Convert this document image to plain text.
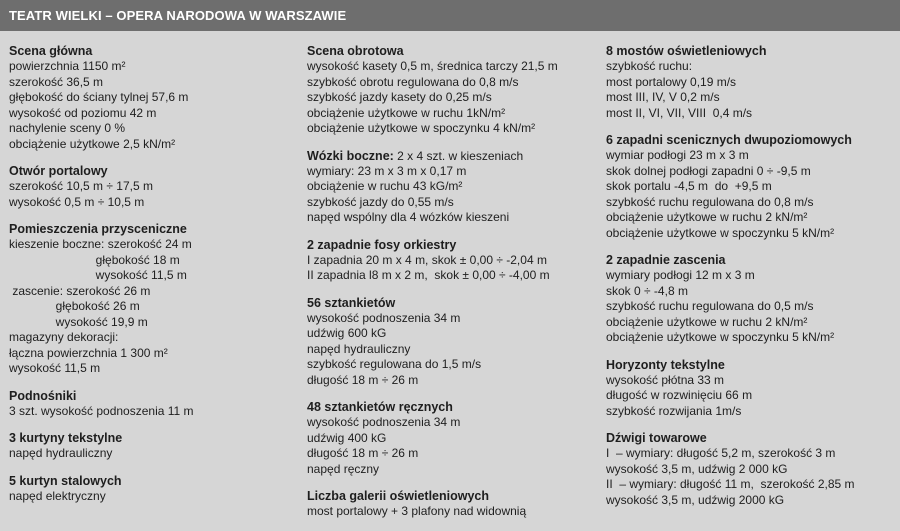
TEATR WIELKI – OPERA NARODOWA W WARSZAWIE
Scena główna
powierzchnia 1150 m²
szerokość 36,5 m
głębokość do ściany tylnej 57,6 m
wysokość od poziomu 42 m
nachylenie sceny 0 %
obciążenie użytkowe 2,5 kN/m²
Otwór portalowy
szerokość 10,5 m ÷ 17,5 m
wysokość 0,5 m ÷ 10,5 m
Pomieszczenia przyscenicznе
kieszenie boczne: szerokość 24 m
głębokość 18 m
wysokość 11,5 m
zascenie: szerokość 26 m
głębokość 26 m
wysokość 19,9 m
magazyny dekoracji:
łączna powierzchnia 1 300 m²
wysokość 11,5 m
Podnośniki
3 szt. wysokość podnoszenia 11 m
3 kurtyny tekstylne
napęd hydrauliczny
5 kurtyn stalowych
napęd elektryczny
Scena obrotowa
wysokość kasety 0,5 m, średnica tarczy 21,5 m
szybkość obrotu regulowana do 0,8 m/s
szybkość jazdy kasety do 0,25 m/s
obciążenie użytkowe w ruchu 1kN/m²
obciążenie użytkowe w spoczynku 4 kN/m²
Wózki boczne: 2 x 4 szt. w kieszeniach
wymiary: 23 m x 3 m x 0,17 m
obciążenie w ruchu 43 kG/m²
szybkość jazdy do 0,55 m/s
napęd wspólny dla 4 wózków kieszeni
2 zapadnie fosy orkiestry
I zapadnia 20 m x 4 m, skok ± 0,00 ÷ -2,04 m
II zapadnia l8 m x 2 m,  skok ± 0,00 ÷ -4,00 m
56 sztankietów
wysokość podnoszenia 34 m
udźwig 600 kG
napęd hydrauliczny
szybkość regulowana do 1,5 m/s
długość 18 m ÷ 26 m
48 sztankietów ręcznych
wysokość podnoszenia 34 m
udźwig 400 kG
długość 18 m ÷ 26 m
napęd ręczny
Liczba galerii oświetleniowych
most portalowy + 3 plafony nad widownią
8 mostów oświetleniowych
szybkość ruchu:
most portalowy 0,19 m/s
most III, IV, V 0,2 m/s
most II, VI, VII, VIII  0,4 m/s
6 zapadni scenicznych dwupoziomowych
wymiar podłogi 23 m x 3 m
skok dolnej podłogi zapadni 0 ÷ -9,5 m
skok portalu -4,5 m  do  +9,5 m
szybkość ruchu regulowana do 0,8 m/s
obciążenie użytkowe w ruchu 2 kN/m²
obciążenie użytkowe w spoczynku 5 kN/m²
2 zapadnie zascenia
wymiary podłogi 12 m x 3 m
skok 0 ÷ -4,8 m
szybkość ruchu regulowana do 0,5 m/s
obciążenie użytkowe w ruchu 2 kN/m²
obciążenie użytkowe w spoczynku 5 kN/m²
Horyzonty tekstylne
wysokość płótna 33 m
długość w rozwinięciu 66 m
szybkość rozwijania 1m/s
Dźwigi towarowe
I  – wymiary: długość 5,2 m, szerokość 3 m
wysokość 3,5 m, udźwig 2 000 kG
II  – wymiary: długość 11 m,  szerokość 2,85 m
wysokość 3,5 m, udźwig 2000 kG
